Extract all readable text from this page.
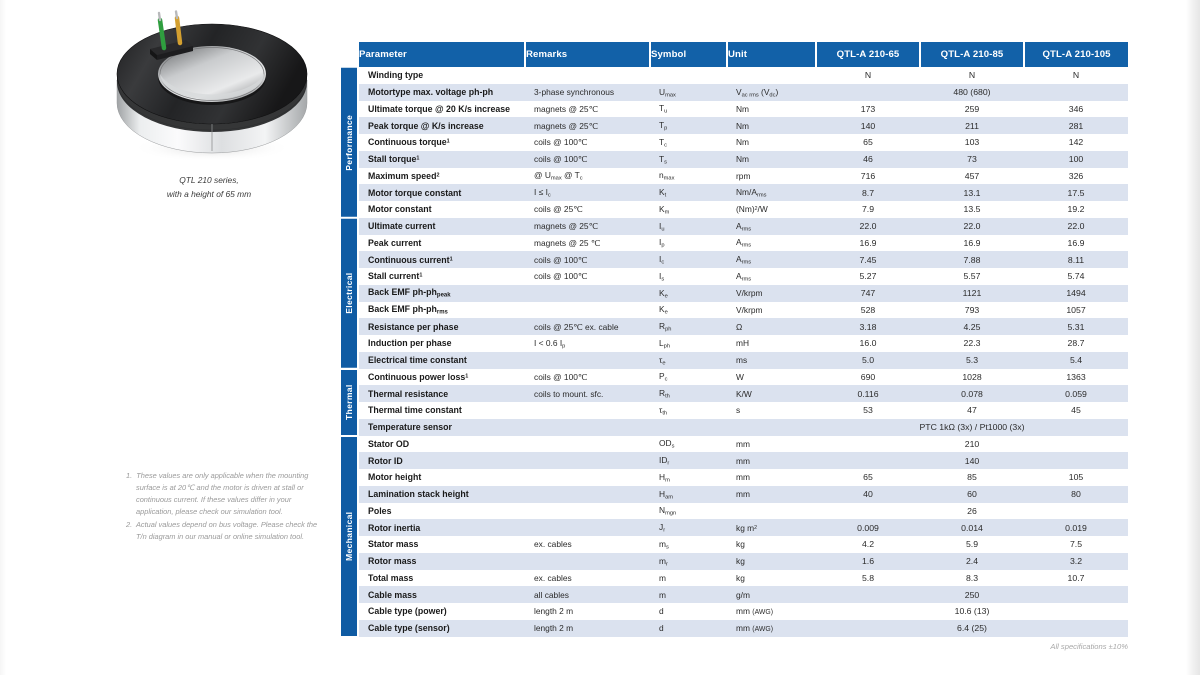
QTL 210 series,
with a height of 65 mm
1. These values are only applicable when the mounting surface is at 20℃ and the motor is driven at stall or continuous current. If these values differ in your application, please check our simulation tool.
2. Actual values depend on bus voltage. Please check the T/n diagram in our manual or online simulation tool.
	Parameter	Remarks	Symbol	Unit	QTL-A 210-65	QTL-A 210-85	QTL-A 210-105

Performance	Winding type				N	N	N
	Motortype max. voltage ph-ph	3-phase synchronous	$U_{max}$	$V_{ac rms}$ $(V_{dc})$	480 (680)		
	Ultimate torque @ 20 K/s increase	magnets @ 25℃	$T_u$	Nm	173	259	346
	Peak torque @ K/s increase	magnets @ 25℃	$T_p$	Nm	140	211	281
	Continuous torque$^1$	coils @ 100℃	$T_c$	Nm	65	103	142
	Stall torque$^1$	coils @ 100℃	$T_s$	Nm	46	73	100
	Maximum speed$^2$	@ $U_{max}$ @ $T_c$	$n_{max}$	rpm	716	457	326
	Motor torque constant	$I \le I_c$	$K_t$	$Nm/A_{rms}$	8.7	13.1	17.5
	Motor constant	coils @ 25℃	$K_m$	$(Nm)^2/W$	7.9	13.5	19.2

Electrical	Ultimate current	magnets @ 25℃	$I_u$	$A_{rms}$	22.0	22.0	22.0
	Peak current	magnets @ 25 ℃	$I_p$	$A_{rms}$	16.9	16.9	16.9
	Continuous current$^1$	coils @ 100℃	$I_c$	$A_{rms}$	7.45	7.88	8.11
	Stall current$^1$	coils @ 100℃	$I_s$	$A_{rms}$	5.27	5.57	5.74
	Back EMF $ph-ph_{peak}$		$K_e$	V/krpm	747	1121	1494
	Back EMF $ph-ph_{rms}$		$K_e$	V/krpm	528	793	1057
	Resistance per phase	coils @ 25℃ ex. cable	$R_{ph}$	Ω	3.18	4.25	5.31
	Induction per phase	I < 0.6 $I_p$	$L_{ph}$	mH	16.0	22.3	28.7
	Electrical time constant		$\tau_e$	ms	5.0	5.3	5.4

Thermal	Continuous power loss$^1$	coils @ 100℃	$P_c$	W	690	1028	1363
	Thermal resistance	coils to mount. sfc.	$R_{th}$	K/W	0.116	0.078	0.059
	Thermal time constant		$\tau_{th}$	s	53	47	45
	Temperature sensor				PTC 1kΩ (3x) / Pt1000 (3x)		

Mechanical	Stator OD		$OD_s$	mm	210		
	Rotor ID		$ID_r$	mm	140		
	Motor height		$H_m$	mm	65	85	105
	Lamination stack height		$H_{am}$	mm	40	60	80
	Poles		$N_{mgn}$		26		
	Rotor inertia		$J_r$	kg $m^2$	0.009	0.014	0.019
	Stator mass	ex. cables	$m_s$	kg	4.2	5.9	7.5
	Rotor mass		$m_r$	kg	1.6	2.4	3.2
	Total mass	ex. cables	m	kg	5.8	8.3	10.7
	Cable mass	all cables	m	g/m	250		
	Cable type (power)	length 2 m	d	mm (AWG)	10.6 (13)		
	Cable type (sensor)	length 2 m	d	mm (AWG)	6.4 (25)		
All specifications ±10%
